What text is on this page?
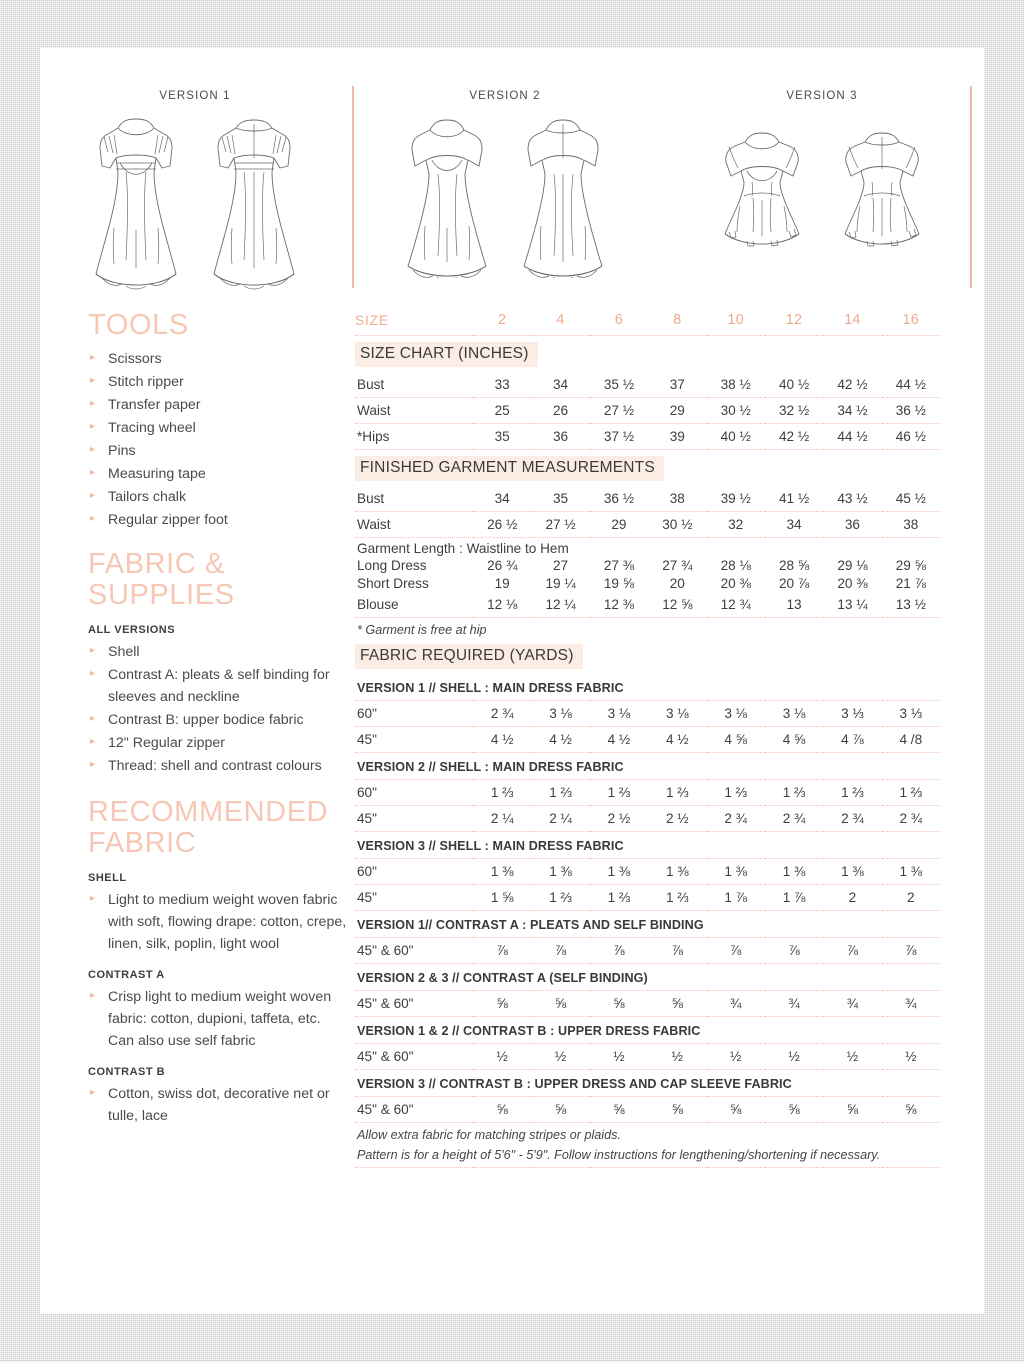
VERSION 1	VERSION 2	VERSION 3
TOOLS
▸ Scissors
▸ Stitch ripper
▸ Transfer paper
▸ Tracing wheel
▸ Pins
▸ Measuring tape
▸ Tailors chalk
▸ Regular zipper foot
FABRIC & SUPPLIES
ALL VERSIONS
▸ Shell
▸ Contrast A: pleats & self binding for sleeves and neckline
▸ Contrast B: upper bodice fabric
▸ 12" Regular zipper
▸ Thread: shell and contrast colours
RECOMMENDED FABRIC
SHELL
▸ Light to medium weight woven fabric with soft, flowing drape: cotton, crepe, linen, silk, poplin, light wool
CONTRAST A
▸ Crisp light to medium weight woven fabric: cotton, dupioni, taffeta, etc. Can also use self fabric
CONTRAST B
▸ Cotton, swiss dot, decorative net or tulle, lace
SIZE	2	4	6	8	10	12	14	16

SIZE CHART (INCHES)								
Bust	33	34	35 ½	37	38 ½	40 ½	42 ½	44 ½
Waist	25	26	27 ½	29	30 ½	32 ½	34 ½	36 ½
*Hips	35	36	37 ½	39	40 ½	42 ½	44 ½	46 ½
FINISHED GARMENT MEASUREMENTS								
Bust	34	35	36 ½	38	39 ½	41 ½	43 ½	45 ½
Waist	26 ½	27 ½	29	30 ½	32	34	36	38
Garment Length : Waistline to Hem								
Long Dress	26 ¾	27	27 ⅜	27 ¾	28 ⅛	28 ⅝	29 ⅛	29 ⅝
Short Dress	19	19 ¼	19 ⅝	20	20 ⅜	20 ⅞	20 ⅜	21 ⅞
Blouse	12 ⅛	12 ¼	12 ⅜	12 ⅝	12 ¾	13	13 ¼	13 ½
* Garment is free at hip								
FABRIC REQUIRED (YARDS)								
VERSION 1 // SHELL : MAIN DRESS FABRIC								
60"	2 ¾	3 ⅛	3 ⅛	3 ⅛	3 ⅛	3 ⅛	3 ⅓	3 ⅓
45"	4 ½	4 ½	4 ½	4 ½	4 ⅝	4 ⅝	4 ⅞	4 /8
VERSION 2 // SHELL : MAIN DRESS FABRIC								
60"	1 ⅔	1 ⅔	1 ⅔	1 ⅔	1 ⅔	1 ⅔	1 ⅔	1 ⅔
45"	2 ¼	2 ¼	2 ½	2 ½	2 ¾	2 ¾	2 ¾	2 ¾
VERSION 3 // SHELL : MAIN DRESS FABRIC								
60"	1 ⅜	1 ⅜	1 ⅜	1 ⅜	1 ⅜	1 ⅜	1 ⅜	1 ⅜
45"	1 ⅝	1 ⅔	1 ⅔	1 ⅔	1 ⅞	1 ⅞	2	2
VERSION 1// CONTRAST A : PLEATS AND SELF BINDING								
45" & 60"	⅞	⅞	⅞	⅞	⅞	⅞	⅞	⅞
VERSION 2 & 3 // CONTRAST A (SELF BINDING)								
45" & 60"	⅝	⅝	⅝	⅝	¾	¾	¾	¾
VERSION 1 & 2 // CONTRAST B : UPPER DRESS FABRIC								
45" & 60"	½	½	½	½	½	½	½	½
VERSION 3 // CONTRAST B : UPPER DRESS AND CAP SLEEVE FABRIC								
45" & 60"	⅝	⅝	⅝	⅝	⅝	⅝	⅝	⅝
Allow extra fabric for matching stripes or plaids.								
Pattern is for a height of 5'6" - 5'9". Follow instructions for lengthening/shortening if necessary.								
